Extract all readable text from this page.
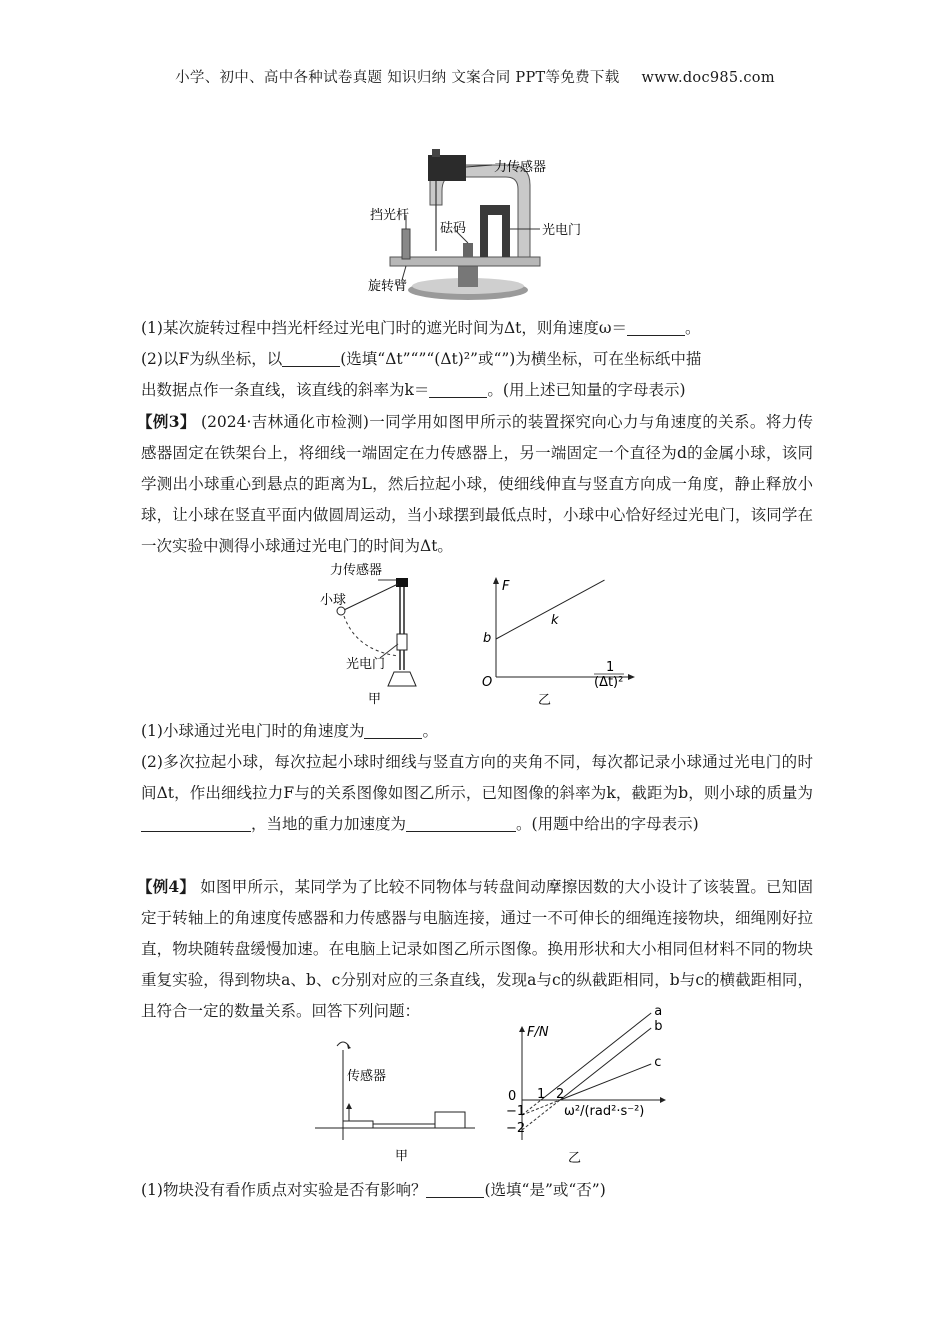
小学、初中、高中各种试卷真题 知识归纳 文案合同 PPT等免费下载 www.doc985.com
力传感器
光电门
挡光杆
砝码
旋转臂

(1)某次旋转过程中挡光杆经过光电门时的遮光时间为Δt，则角速度ω＝	。

(2)以F为纵坐标，以	(选填“Δt”“”“(Δt)²”或“”)为横坐标，可在坐标纸中描

出数据点作一条直线，该直线的斜率为k＝	。(用上述已知量的字母表示)

【例3】 (2024·吉林通化市检测)一同学用如图甲所示的装置探究向心力与角速度的关系。将力传感器固定在铁架台上，将细线一端固定在力传感器上，另一端固定一个直径为d的金属小球，该同学测出小球重心到悬点的距离为L，然后拉起小球，使细线伸直与竖直方向成一角度，静止释放小球，让小球在竖直平面内做圆周运动，当小球摆到最低点时，小球中心恰好经过光电门，该同学在一次实验中测得小球通过光电门的时间为Δt。

力传感器
小球
光电门
甲
F
O
b
k
1
(Δt)²
乙

(1)小球通过光电门时的角速度为	。

(2)多次拉起小球，每次拉起小球时细线与竖直方向的夹角不同，每次都记录小球通过光电门的时间Δt，作出细线拉力F与的关系图像如图乙所示，已知图像的斜率为k，截距为b，则小球的质量为，当地的重力加速度为	。(用题中给出的字母表示)

【例4】 如图甲所示，某同学为了比较不同物体与转盘间动摩擦因数的大小设计了该装置。已知固定于转轴上的角速度传感器和力传感器与电脑连接，通过一不可伸长的细绳连接物块，细绳刚好拉直，物块随转盘缓慢加速。在电脑上记录如图乙所示图像。换用形状和大小相同但材料不同的物块重复实验，得到物块a、b、c分别对应的三条直线，发现a与c的纵截距相同，b与c的横截距相同，且符合一定的数量关系。回答下列问题：

传感器
甲
a
b
c
F/N
0
−1
−2
1 2
ω²/(rad²·s⁻²)
乙

(1)物块没有看作质点对实验是否有影响？	(选填“是”或“否”)
